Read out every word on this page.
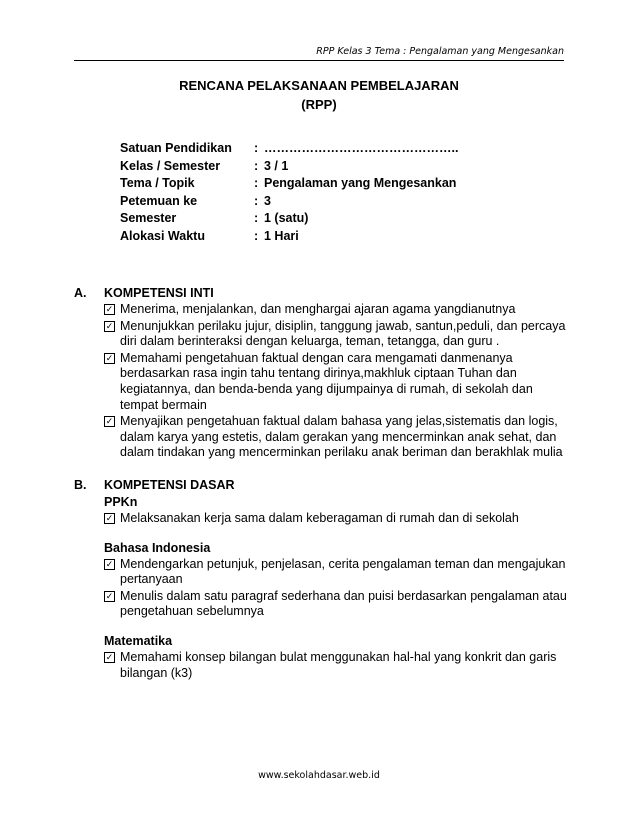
RPP Kelas 3 Tema : Pengalaman yang Mengesankan
RENCANA PELAKSANAAN PEMBELAJARAN
(RPP)
Satuan Pendidikan : ………………………………………..
Kelas / Semester	: 3 / 1
Tema / Topik	: Pengalaman yang Mengesankan
Petemuan ke	: 3
Semester	: 1 (satu)
Alokasi Waktu	: 1 Hari
A. KOMPETENSI INTI
✓ Menerima, menjalankan, dan menghargai ajaran agama yangdianutnya
✓ Menunjukkan perilaku jujur, disiplin, tanggung jawab, santun,peduli, dan percaya diri dalam berinteraksi dengan keluarga, teman, tetangga, dan guru .
✓ Memahami pengetahuan faktual dengan cara mengamati danmenanya berdasarkan rasa ingin tahu tentang dirinya,makhluk ciptaan Tuhan dan kegiatannya, dan benda-benda yang dijumpainya di rumah, di sekolah dan tempat bermain
✓ Menyajikan pengetahuan faktual dalam bahasa yang jelas,sistematis dan logis, dalam karya yang estetis, dalam gerakan yang mencerminkan anak sehat, dan dalam tindakan yang mencerminkan perilaku anak beriman dan berakhlak mulia
B. KOMPETENSI DASAR
PPKn
✓ Melaksanakan kerja sama dalam keberagaman di rumah dan di sekolah
Bahasa Indonesia
✓ Mendengarkan petunjuk, penjelasan, cerita pengalaman teman dan mengajukan pertanyaan
✓ Menulis dalam satu paragraf sederhana dan puisi berdasarkan pengalaman atau pengetahuan sebelumnya
Matematika
✓ Memahami konsep bilangan bulat menggunakan hal-hal yang konkrit dan garis bilangan (k3)
www.sekolahdasar.web.id
